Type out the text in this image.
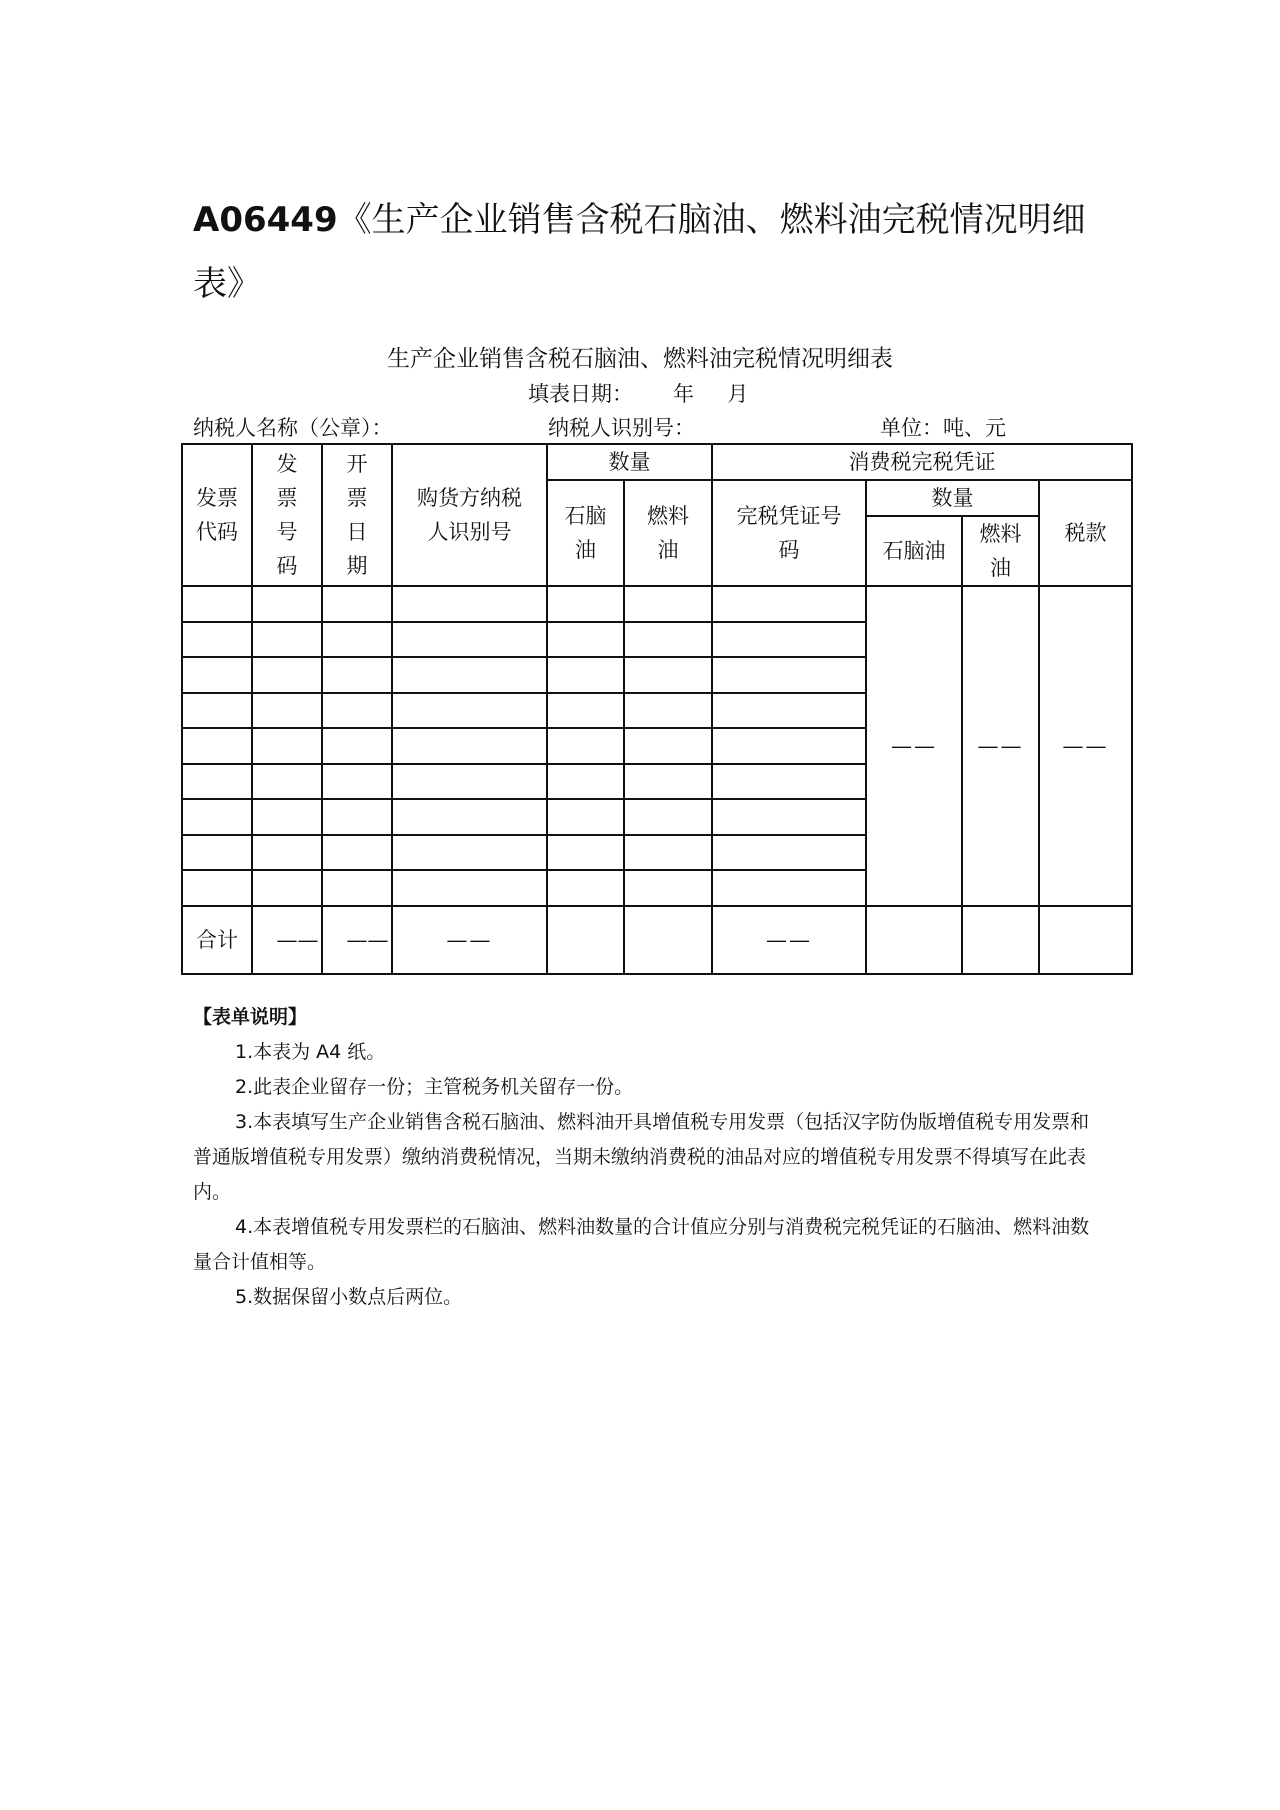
A06449《生产企业销售含税石脑油、燃料油完税情况明细表》
生产企业销售含税石脑油、燃料油完税情况明细表
填表日期：      年     月
纳税人名称（公章）：	纳税人识别号：	单位：吨、元
发票代码	发票号码	开票日期	购货方纳税人识别号	数量		消费税完税凭证			
				石脑油	燃料油	完税凭证号码	数量		税款
							石脑油	燃料油	
							——	——	——

合计	——	——	——			——			

【表单说明】

1.本表为 A4 纸。

2.此表企业留存一份；主管税务机关留存一份。

3.本表填写生产企业销售含税石脑油、燃料油开具增值税专用发票（包括汉字防伪版增值税专用发票和普通版增值税专用发票）缴纳消费税情况，当期未缴纳消费税的油品对应的增值税专用发票不得填写在此表内。

4.本表增值税专用发票栏的石脑油、燃料油数量的合计值应分别与消费税完税凭证的石脑油、燃料油数量合计值相等。

5.数据保留小数点后两位。
